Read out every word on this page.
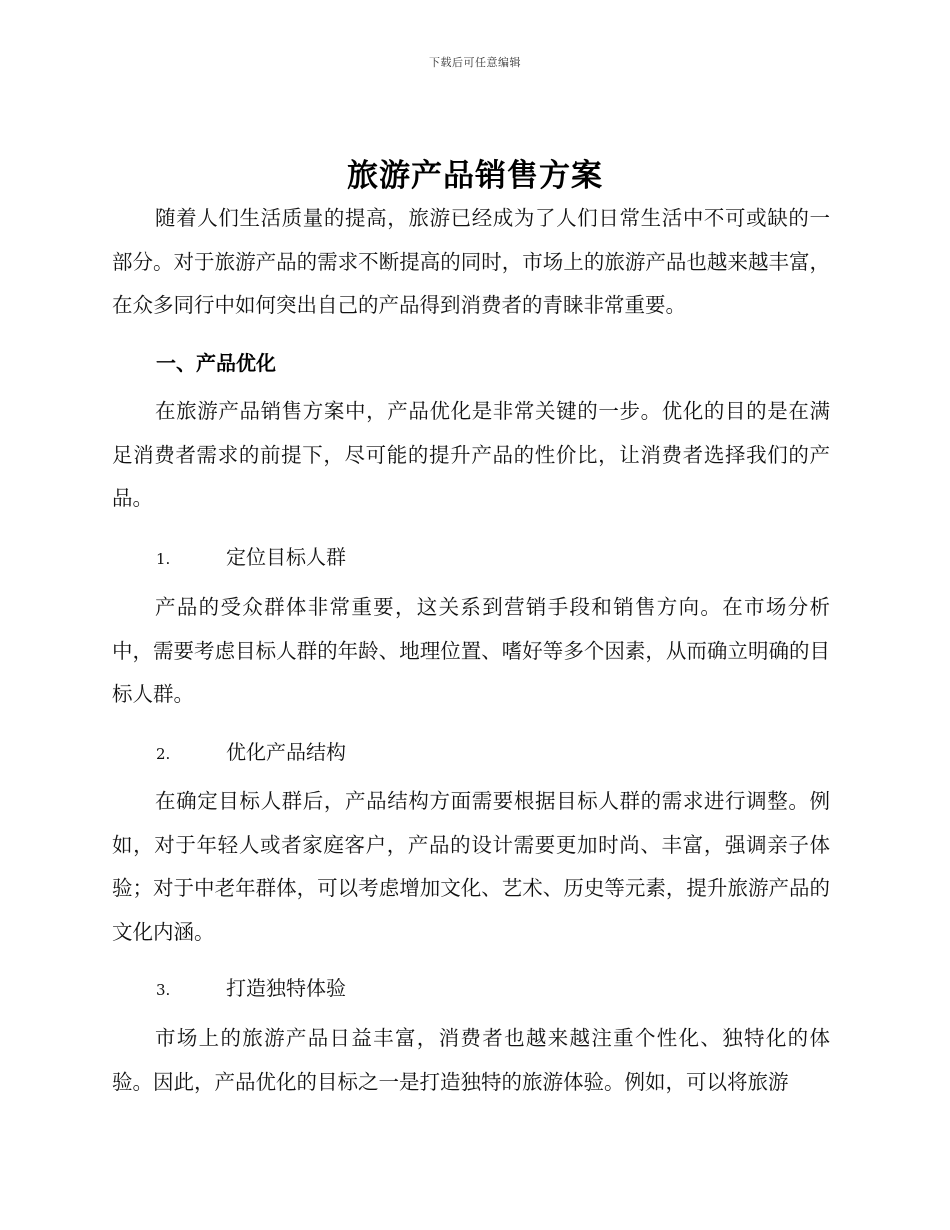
下载后可任意编辑
旅游产品销售方案

随着人们生活质量的提高，旅游已经成为了人们日常生活中不可或缺的一部分。对于旅游产品的需求不断提高的同时，市场上的旅游产品也越来越丰富，在众多同行中如何突出自己的产品得到消费者的青睐非常重要。

一、产品优化

在旅游产品销售方案中，产品优化是非常关键的一步。优化的目的是在满足消费者需求的前提下，尽可能的提升产品的性价比，让消费者选择我们的产品。

1.	定位目标人群

产品的受众群体非常重要，这关系到营销手段和销售方向。在市场分析中，需要考虑目标人群的年龄、地理位置、嗜好等多个因素，从而确立明确的目标人群。

2.	优化产品结构

在确定目标人群后，产品结构方面需要根据目标人群的需求进行调整。例如，对于年轻人或者家庭客户，产品的设计需要更加时尚、丰富，强调亲子体验；对于中老年群体，可以考虑增加文化、艺术、历史等元素，提升旅游产品的文化内涵。

3.	打造独特体验

市场上的旅游产品日益丰富，消费者也越来越注重个性化、独特化的体验。因此，产品优化的目标之一是打造独特的旅游体验。例如，可以将旅游
